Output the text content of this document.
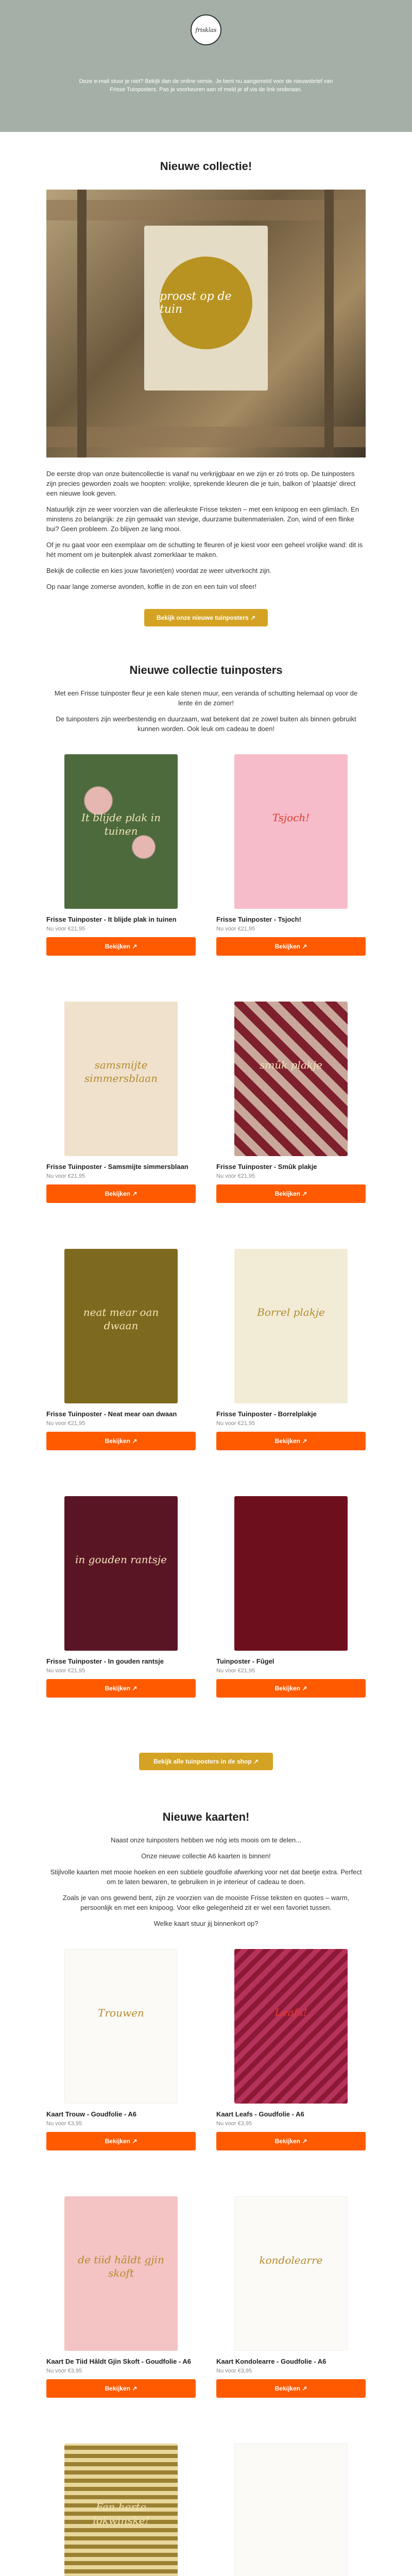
frisklas
Deze e-mail stuur je niet? Bekijk dan de online versie. Je bent nu aangemeld voor de nieuwsbrief van Frisse Tuinposters. Pas je voorkeuren aan of meld je af via de link onderaan.
Nieuwe collectie!
proost op de tuin

De eerste drop van onze buitencollectie is vanaf nu verkrijgbaar en we zijn er zó trots op. De tuinposters zijn precies geworden zoals we hoopten: vrolijke, sprekende kleuren die je tuin, balkon of 'plaatsje' direct een nieuwe look geven.

Natuurlijk zijn ze weer voorzien van die allerleukste Frisse teksten – met een knipoog en een glimlach. En minstens zo belangrijk: ze zijn gemaakt van stevige, duurzame buitenmaterialen. Zon, wind of een flinke bui? Geen probleem. Zo blijven ze lang mooi.

Of je nu gaat voor een exemplaar om de schutting te fleuren of je kiest voor een geheel vrolijke wand: dit is hét moment om je buitenplek alvast zomerklaar te maken.

Bekijk de collectie en kies jouw favoriet(en) voordat ze weer uitverkocht zijn.

Op naar lange zomerse avonden, koffie in de zon en een tuin vol sfeer!

Bekijk onze nieuwe tuinposters ↗
Nieuwe collectie tuinposters

Met een Frisse tuinposter fleur je een kale stenen muur, een veranda of schutting helemaal op voor de lente én de zomer!

De tuinposters zijn weerbestendig en duurzaam, wat betekent dat ze zowel buiten als binnen gebruikt kunnen worden. Ook leuk om cadeau te doen!

It blijde plak in tuinen
Frisse Tuinposter - It blijde plak in tuinen
Nu voor €21,95
Bekijken ↗
Tsjoch!
Frisse Tuinposter - Tsjoch!
Nu voor €21,95
Bekijken ↗
samsmijte simmersblaan
Frisse Tuinposter - Samsmijte simmersblaan
Nu voor €21,95
Bekijken ↗
smûk plakje
Frisse Tuinposter - Smûk plakje
Nu voor €21,95
Bekijken ↗
neat mear oan dwaan
Frisse Tuinposter - Neat mear oan dwaan
Nu voor €21,95
Bekijken ↗
Borrel plakje
Frisse Tuinposter - Borrelplakje
Nu voor €21,95
Bekijken ↗
in gouden rantsje
Frisse Tuinposter - In gouden rantsje
Nu voor €21,95
Bekijken ↗
Tuinposter - Fûgel
Nu voor €21,95
Bekijken ↗
Bekijk alle tuinposters in de shop ↗
Nieuwe kaarten!

Naast onze tuinposters hebben we nóg iets moois om te delen...

Onze nieuwe collectie A6 kaarten is binnen!

Stijlvolle kaarten met mooie hoeken en een subtiele goudfolie afwerking voor net dat beetje extra. Perfect om te laten bewaren, te gebruiken in je interieur of cadeau te doen.

Zoals je van ons gewend bent, zijn ze voorzien van de mooiste Frisse teksten en quotes – warm, persoonlijk en met een knipoog. Voor elke gelegenheid zit er wel een favoriet tussen.

Welke kaart stuur jij binnenkort op?

Trouwen
Kaart Trouw - Goudfolie - A6
Nu voor €3,95
Bekijken ↗
Leafs!
Kaart Leafs - Goudfolie - A6
Nu voor €3,95
Bekijken ↗
de tiid hâldt gjin skoft
Kaart De Tiid Hâldt Gjin Skoft - Goudfolie - A6
Nu voor €3,95
Bekijken ↗
kondolearre
Kaart Kondolearre - Goudfolie - A6
Nu voor €3,95
Bekijken ↗
Fan herte lokwinske!
